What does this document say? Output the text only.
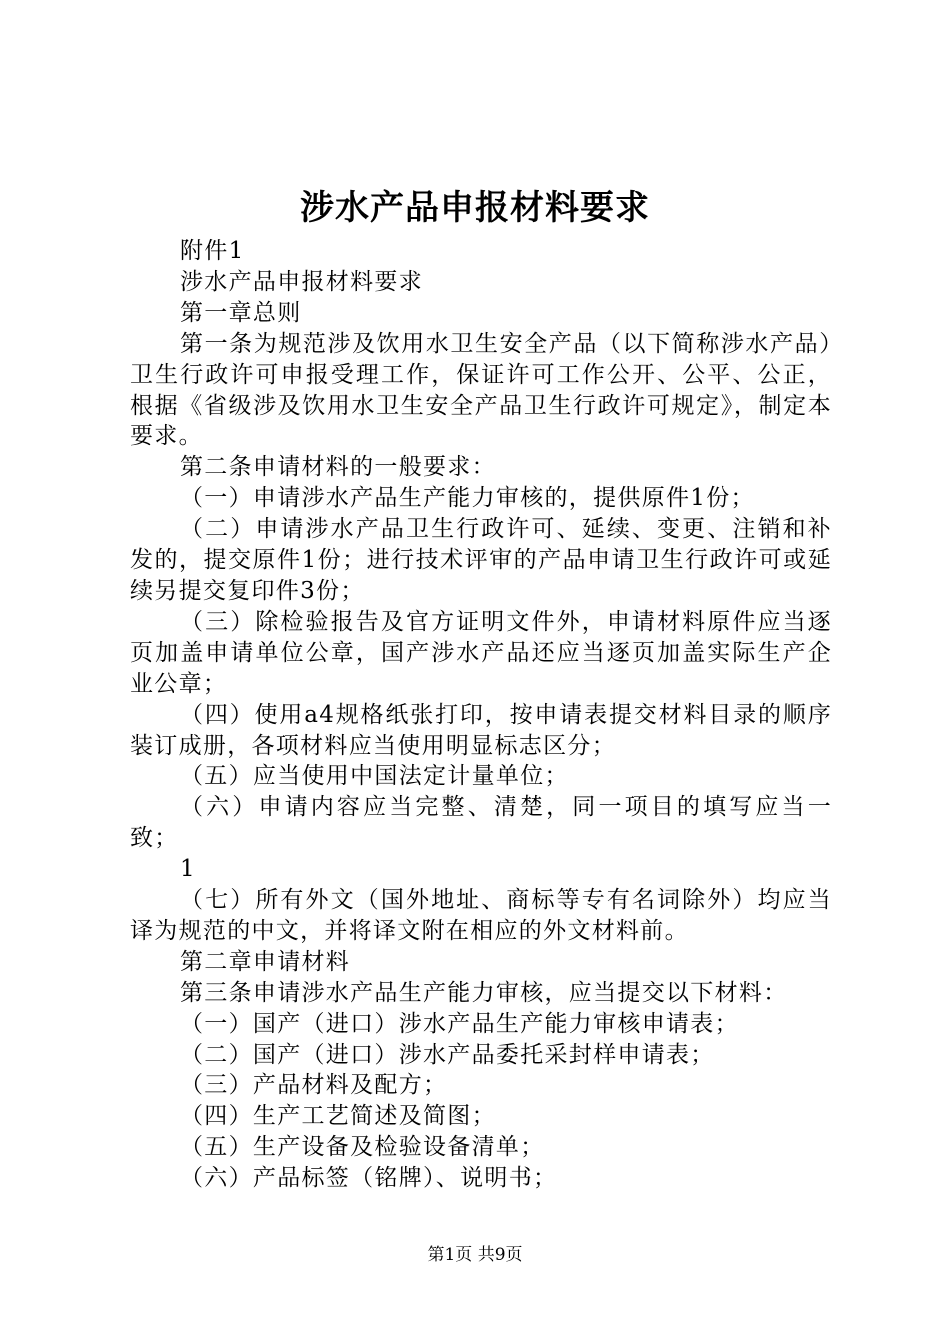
涉水产品申报材料要求

附件1

涉水产品申报材料要求

第一章总则

第一条为规范涉及饮用水卫生安全产品（以下简称涉水产品）卫生行政许可申报受理工作，保证许可工作公开、公平、公正，根据《省级涉及饮用水卫生安全产品卫生行政许可规定》，制定本要求。

第二条申请材料的一般要求：

（一）申请涉水产品生产能力审核的，提供原件1份；

（二）申请涉水产品卫生行政许可、延续、变更、注销和补发的，提交原件1份；进行技术评审的产品申请卫生行政许可或延续另提交复印件3份；

（三）除检验报告及官方证明文件外，申请材料原件应当逐页加盖申请单位公章，国产涉水产品还应当逐页加盖实际生产企业公章；

（四）使用a4规格纸张打印，按申请表提交材料目录的顺序装订成册，各项材料应当使用明显标志区分；

（五）应当使用中国法定计量单位；

（六）申请内容应当完整、清楚，同一项目的填写应当一致；

1

（七）所有外文（国外地址、商标等专有名词除外）均应当译为规范的中文，并将译文附在相应的外文材料前。

第二章申请材料

第三条申请涉水产品生产能力审核，应当提交以下材料：

（一）国产（进口）涉水产品生产能力审核申请表；

（二）国产（进口）涉水产品委托采封样申请表；

（三）产品材料及配方；

（四）生产工艺简述及简图；

（五）生产设备及检验设备清单；

（六）产品标签（铭牌）、说明书；

第1页 共9页
